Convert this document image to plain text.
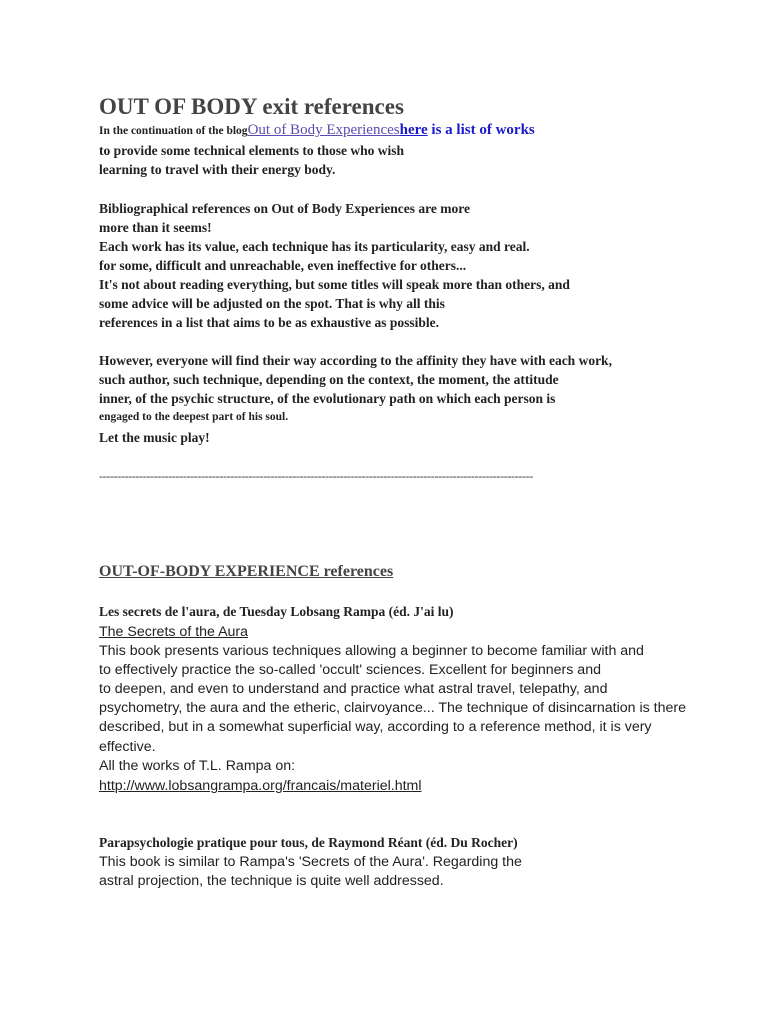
OUT OF BODY exit references
In the continuation of the blogOut of Body Experienceshere is a list of works
to provide some technical elements to those who wish
learning to travel with their energy body.
Bibliographical references on Out of Body Experiences are more
more than it seems!
Each work has its value, each technique has its particularity, easy and real.
for some, difficult and unreachable, even ineffective for others...
It's not about reading everything, but some titles will speak more than others, and
some advice will be adjusted on the spot. That is why all this
references in a list that aims to be as exhaustive as possible.
However, everyone will find their way according to the affinity they have with each work,
such author, such technique, depending on the context, the moment, the attitude
inner, of the psychic structure, of the evolutionary path on which each person is
engaged to the deepest part of his soul.
Let the music play!
-----------------------------------------------------------------------------------------------------------------------
OUT-OF-BODY EXPERIENCE references
Les secrets de l'aura, de Tuesday Lobsang Rampa (éd. J'ai lu)
The Secrets of the Aura
This book presents various techniques allowing a beginner to become familiar with and
to effectively practice the so-called 'occult' sciences. Excellent for beginners and
to deepen, and even to understand and practice what astral travel, telepathy, and
psychometry, the aura and the etheric, clairvoyance... The technique of disincarnation is there
described, but in a somewhat superficial way, according to a reference method, it is very
effective.
All the works of T.L. Rampa on:
http://www.lobsangrampa.org/francais/materiel.html
Parapsychologie pratique pour tous, de Raymond Réant (éd. Du Rocher)
This book is similar to Rampa's 'Secrets of the Aura'. Regarding the
astral projection, the technique is quite well addressed.
